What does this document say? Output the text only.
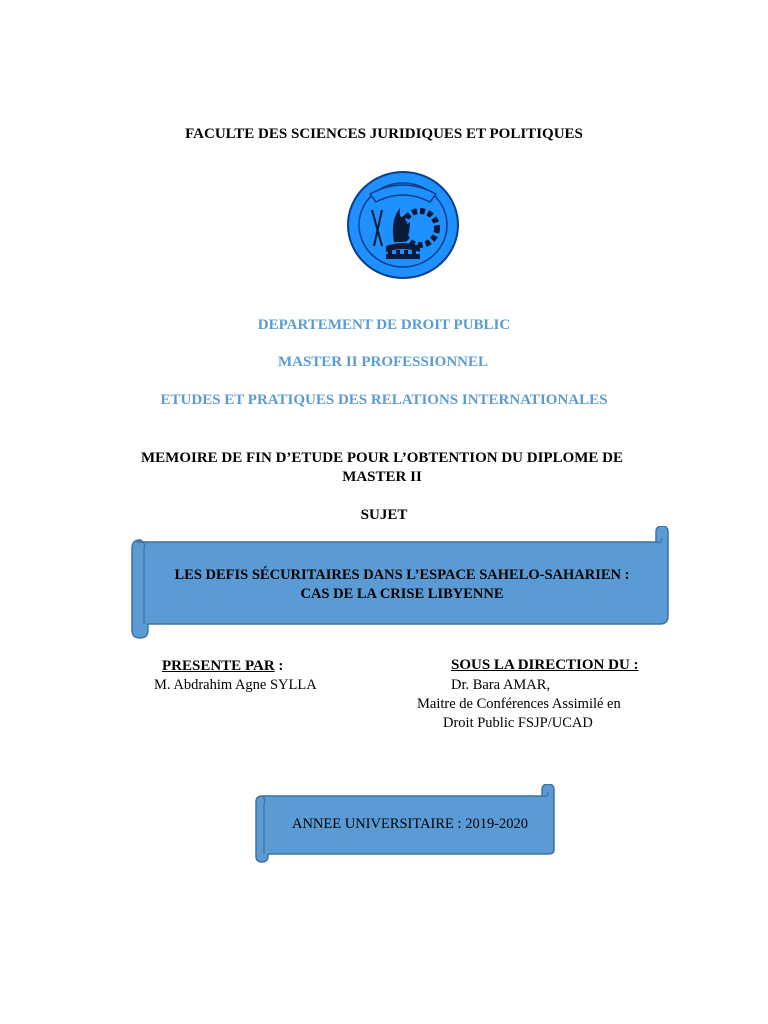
FACULTE DES SCIENCES JURIDIQUES ET POLITIQUES
DEPARTEMENT DE DROIT PUBLIC
MASTER II PROFESSIONNEL
ETUDES ET PRATIQUES DES RELATIONS INTERNATIONALES
MEMOIRE DE FIN D’ETUDE POUR L’OBTENTION DU DIPLOME DE
MASTER II
SUJET
LES DEFIS SÉCURITAIRES DANS L’ESPACE SAHELO-SAHARIEN :
CAS DE LA CRISE LIBYENNE
PRESENTE PAR :
M. Abdrahim Agne SYLLA
SOUS LA DIRECTION DU :
Dr. Bara AMAR,
Maitre de Conférences Assimilé en
Droit Public FSJP/UCAD
ANNEE UNIVERSITAIRE : 2019-2020
